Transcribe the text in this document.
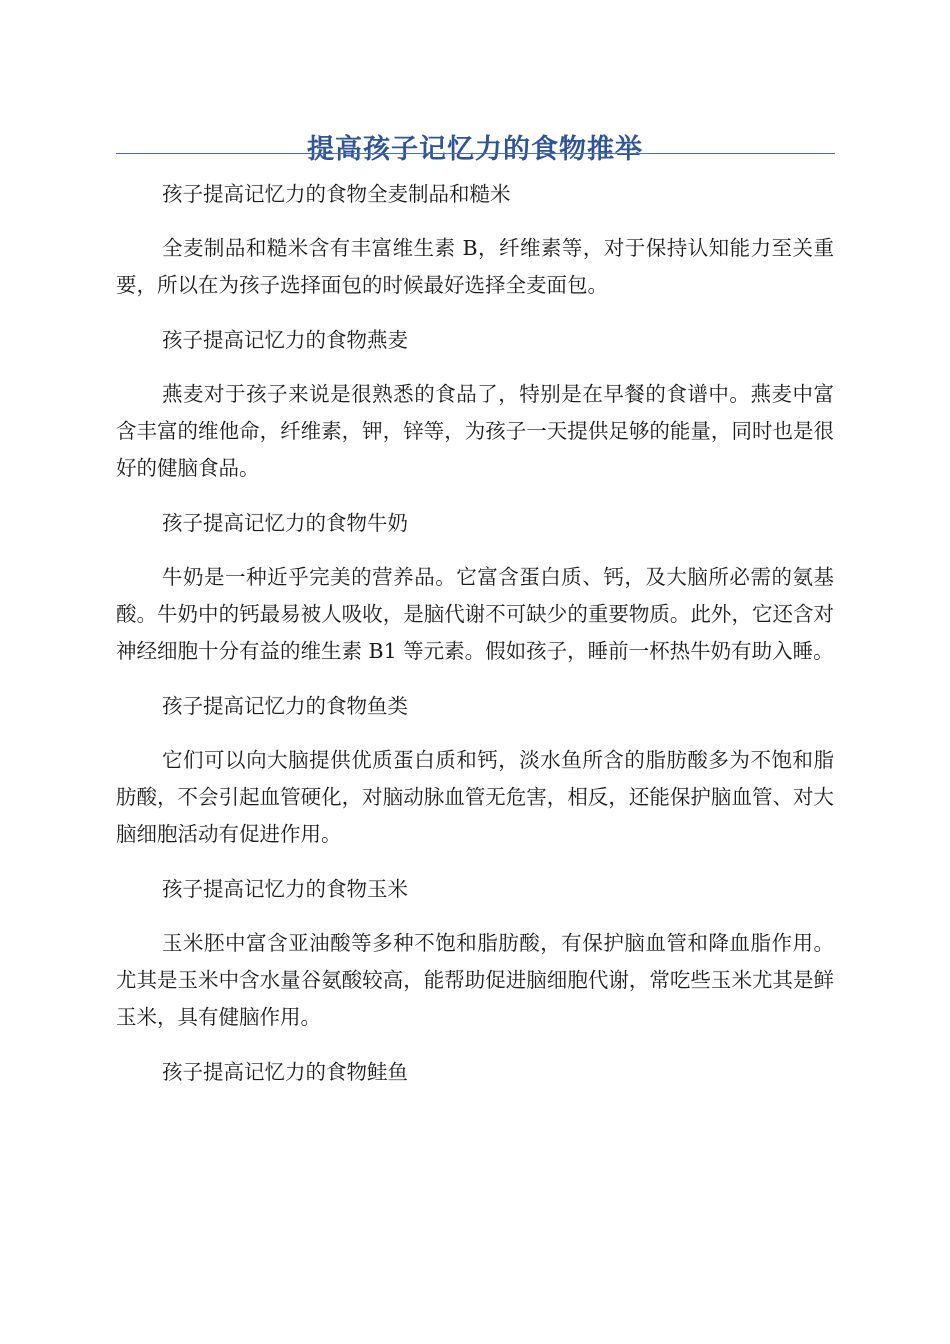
提高孩子记忆力的食物推举

孩子提高记忆力的食物全麦制品和糙米

全麦制品和糙米含有丰富维生素 B，纤维素等，对于保持认知能力至关重要，所以在为孩子选择面包的时候最好选择全麦面包。

孩子提高记忆力的食物燕麦

燕麦对于孩子来说是很熟悉的食品了，特别是在早餐的食谱中。燕麦中富含丰富的维他命，纤维素，钾，锌等，为孩子一天提供足够的能量，同时也是很好的健脑食品。

孩子提高记忆力的食物牛奶

牛奶是一种近乎完美的营养品。它富含蛋白质、钙，及大脑所必需的氨基酸。牛奶中的钙最易被人吸收，是脑代谢不可缺少的重要物质。此外，它还含对神经细胞十分有益的维生素 B1 等元素。假如孩子，睡前一杯热牛奶有助入睡。

孩子提高记忆力的食物鱼类

它们可以向大脑提供优质蛋白质和钙，淡水鱼所含的脂肪酸多为不饱和脂肪酸，不会引起血管硬化，对脑动脉血管无危害，相反，还能保护脑血管、对大脑细胞活动有促进作用。

孩子提高记忆力的食物玉米

玉米胚中富含亚油酸等多种不饱和脂肪酸，有保护脑血管和降血脂作用。尤其是玉米中含水量谷氨酸较高，能帮助促进脑细胞代谢，常吃些玉米尤其是鲜玉米，具有健脑作用。

孩子提高记忆力的食物鲑鱼
